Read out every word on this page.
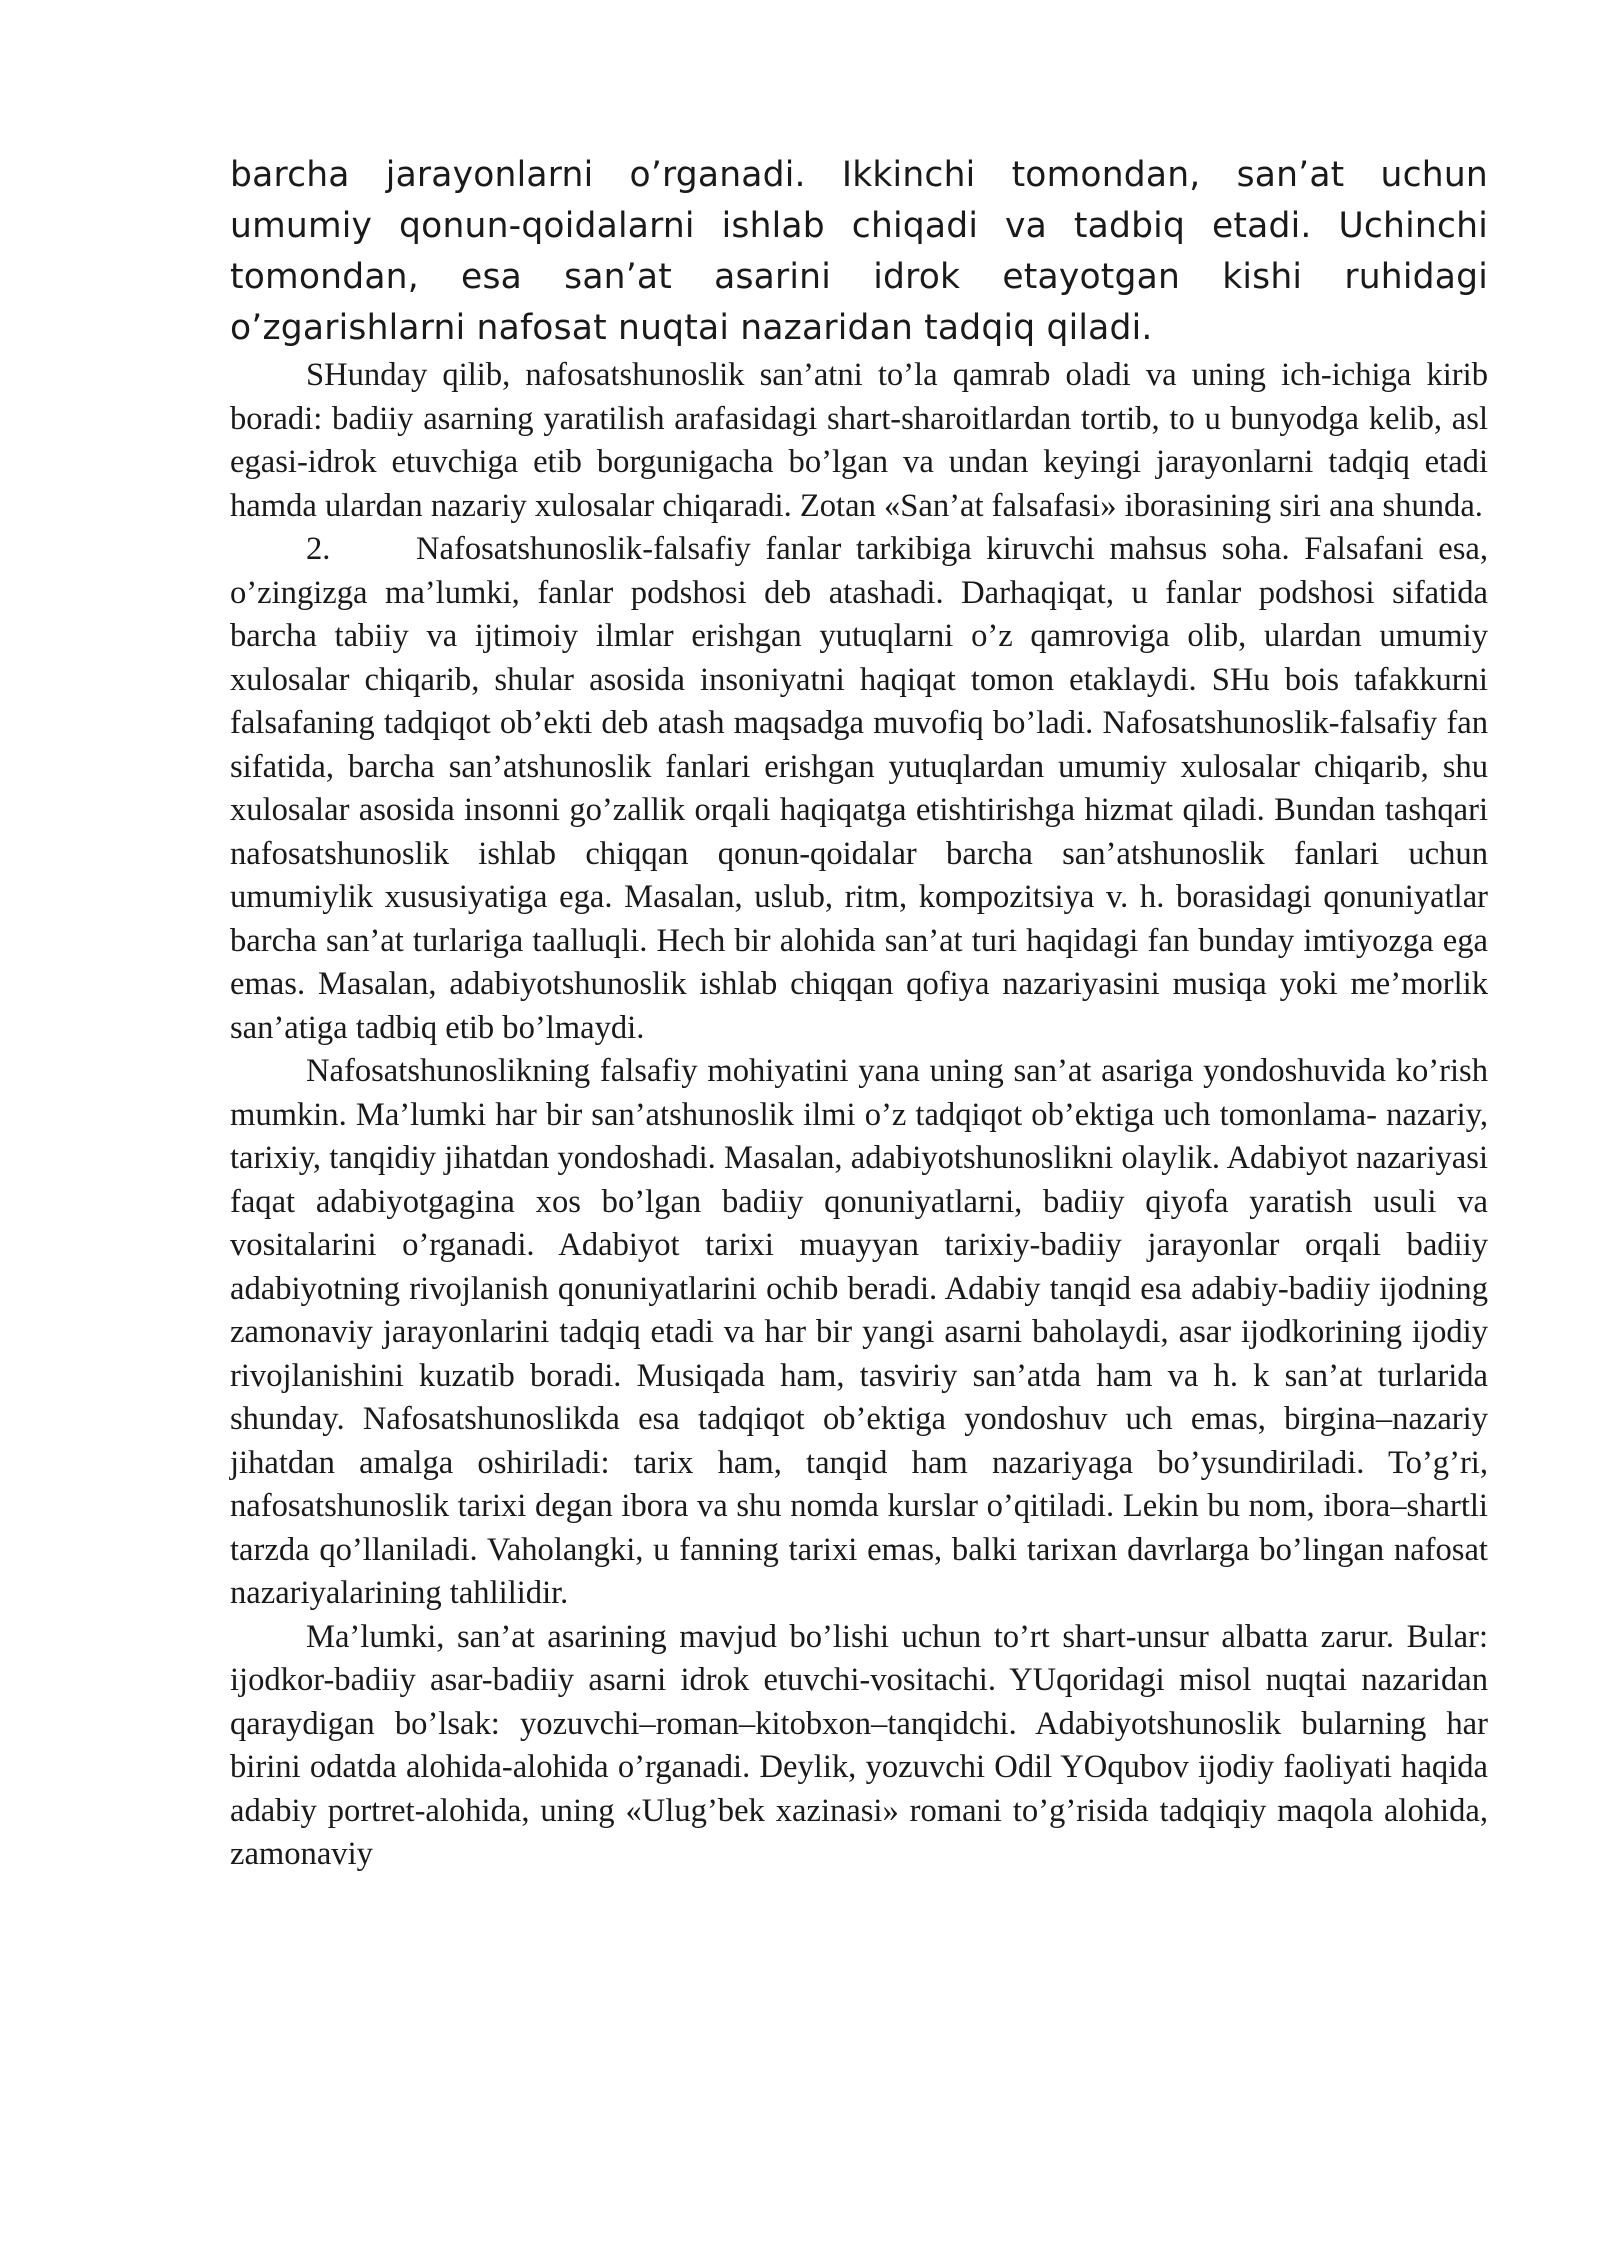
barcha jarayonlarni o’rganadi. Ikkinchi tomondan, san’at uchun umumiy qonun-qoidalarni ishlab chiqadi va tadbiq etadi. Uchinchi tomondan, esa san’at asarini idrok etayotgan kishi ruhidagi o’zgarishlarni nafosat nuqtai nazaridan tadqiq qiladi.

SHunday qilib, nafosatshunoslik san’atni to’la qamrab oladi va uning ich-ichiga kirib boradi: badiiy asarning yaratilish arafasidagi shart-sharoitlardan tortib, to u bunyodga kelib, asl egasi-idrok etuvchiga etib borgunigacha bo’lgan va undan keyingi jarayonlarni tadqiq etadi hamda ulardan nazariy xulosalar chiqaradi. Zotan «San’at falsafasi» iborasining siri ana shunda.

2.	Nafosatshunoslik-falsafiy fanlar tarkibiga kiruvchi mahsus soha. Falsafani esa, o’zingizga ma’lumki, fanlar podshosi deb atashadi. Darhaqiqat, u fanlar podshosi sifatida barcha tabiiy va ijtimoiy ilmlar erishgan yutuqlarni o’z qamroviga olib, ulardan umumiy xulosalar chiqarib, shular asosida insoniyatni haqiqat tomon etaklaydi. SHu bois tafakkurni falsafaning tadqiqot ob’ekti deb atash maqsadga muvofiq bo’ladi. Nafosatshunoslik-falsafiy fan sifatida, barcha san’atshunoslik fanlari erishgan yutuqlardan umumiy xulosalar chiqarib, shu xulosalar asosida insonni go’zallik orqali haqiqatga etishtirishga hizmat qiladi. Bundan tashqari nafosatshunoslik ishlab chiqqan qonun-qoidalar barcha san’atshunoslik fanlari uchun umumiylik xususiyatiga ega. Masalan, uslub, ritm, kompozitsiya v. h. borasidagi qonuniyatlar barcha san’at turlariga taalluqli. Hech bir alohida san’at turi haqidagi fan bunday imtiyozga ega emas. Masalan, adabiyotshunoslik ishlab chiqqan qofiya nazariyasini musiqa yoki me’morlik san’atiga tadbiq etib bo’lmaydi.

Nafosatshunoslikning falsafiy mohiyatini yana uning san’at asariga yondoshuvida ko’rish mumkin. Ma’lumki har bir san’atshunoslik ilmi o’z tadqiqot ob’ektiga uch tomonlama- nazariy, tarixiy, tanqidiy jihatdan yondoshadi. Masalan, adabiyotshunoslikni olaylik. Adabiyot nazariyasi faqat adabiyotgagina xos bo’lgan badiiy qonuniyatlarni, badiiy qiyofa yaratish usuli va vositalarini o’rganadi. Adabiyot tarixi muayyan tarixiy-badiiy jarayonlar orqali badiiy adabiyotning rivojlanish qonuniyatlarini ochib beradi. Adabiy tanqid esa adabiy-badiiy ijodning zamonaviy jarayonlarini tadqiq etadi va har bir yangi asarni baholaydi, asar ijodkorining ijodiy rivojlanishini kuzatib boradi. Musiqada ham, tasviriy san’atda ham va h. k san’at turlarida shunday. Nafosatshunoslikda esa tadqiqot ob’ektiga yondoshuv uch emas, birgina–nazariy jihatdan amalga oshiriladi: tarix ham, tanqid ham nazariyaga bo’ysundiriladi. To’g’ri, nafosatshunoslik tarixi degan ibora va shu nomda kurslar o’qitiladi. Lekin bu nom, ibora–shartli tarzda qo’llaniladi. Vaholangki, u fanning tarixi emas, balki tarixan davrlarga bo’lingan nafosat nazariyalarining tahlilidir.

Ma’lumki, san’at asarining mavjud bo’lishi uchun to’rt shart-unsur albatta zarur. Bular: ijodkor-badiiy asar-badiiy asarni idrok etuvchi-vositachi. YUqoridagi misol nuqtai nazaridan qaraydigan bo’lsak: yozuvchi–roman–kitobxon–tanqidchi. Adabiyotshunoslik bularning har birini odatda alohida-alohida o’rganadi. Deylik, yozuvchi Odil YOqubov ijodiy faoliyati haqida adabiy portret-alohida, uning «Ulug’bek xazinasi» romani to’g’risida tadqiqiy maqola alohida, zamonaviy
